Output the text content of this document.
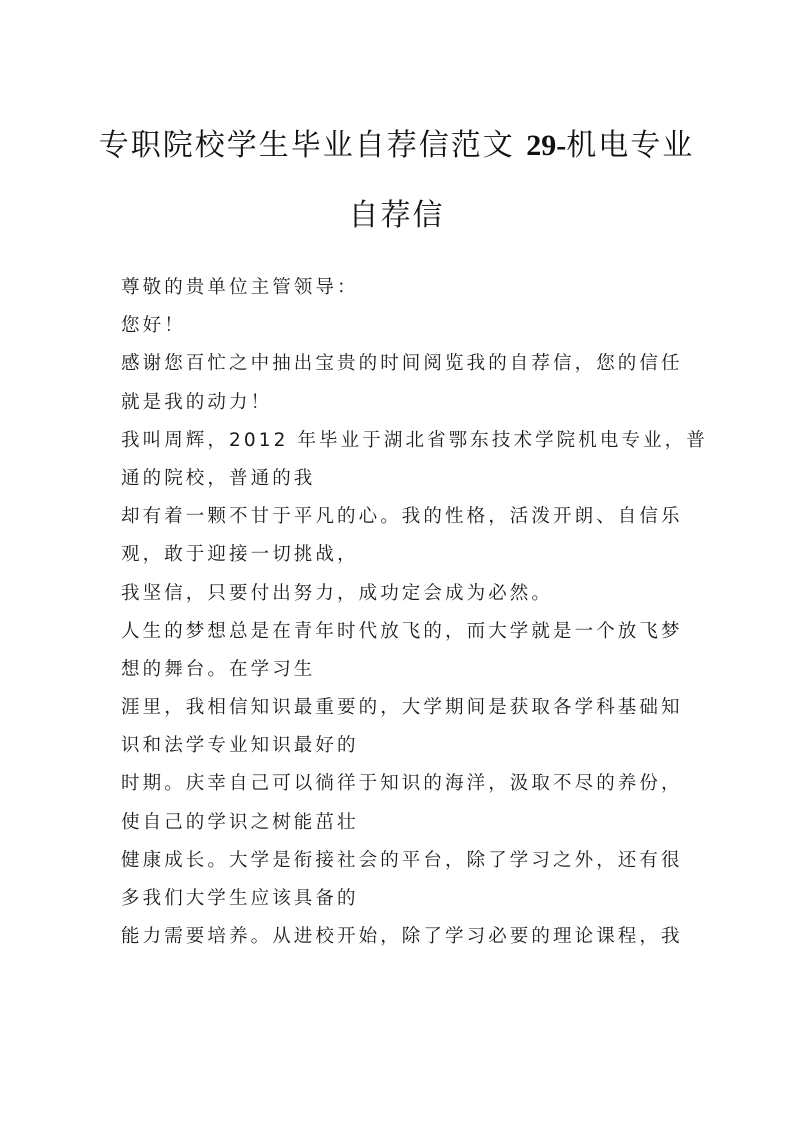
专职院校学生毕业自荐信范文 29-机电专业
自荐信
尊敬的贵单位主管领导：
您好！
感谢您百忙之中抽出宝贵的时间阅览我的自荐信，您的信任
就是我的动力！
我叫周辉，2012 年毕业于湖北省鄂东技术学院机电专业，普
通的院校，普通的我
却有着一颗不甘于平凡的心。我的性格，活泼开朗、自信乐
观，敢于迎接一切挑战，
我坚信，只要付出努力，成功定会成为必然。
人生的梦想总是在青年时代放飞的，而大学就是一个放飞梦
想的舞台。在学习生
涯里，我相信知识最重要的，大学期间是获取各学科基础知
识和法学专业知识最好的
时期。庆幸自己可以徜徉于知识的海洋，汲取不尽的养份，
使自己的学识之树能茁壮
健康成长。大学是衔接社会的平台，除了学习之外，还有很
多我们大学生应该具备的
能力需要培养。从进校开始，除了学习必要的理论课程，我
